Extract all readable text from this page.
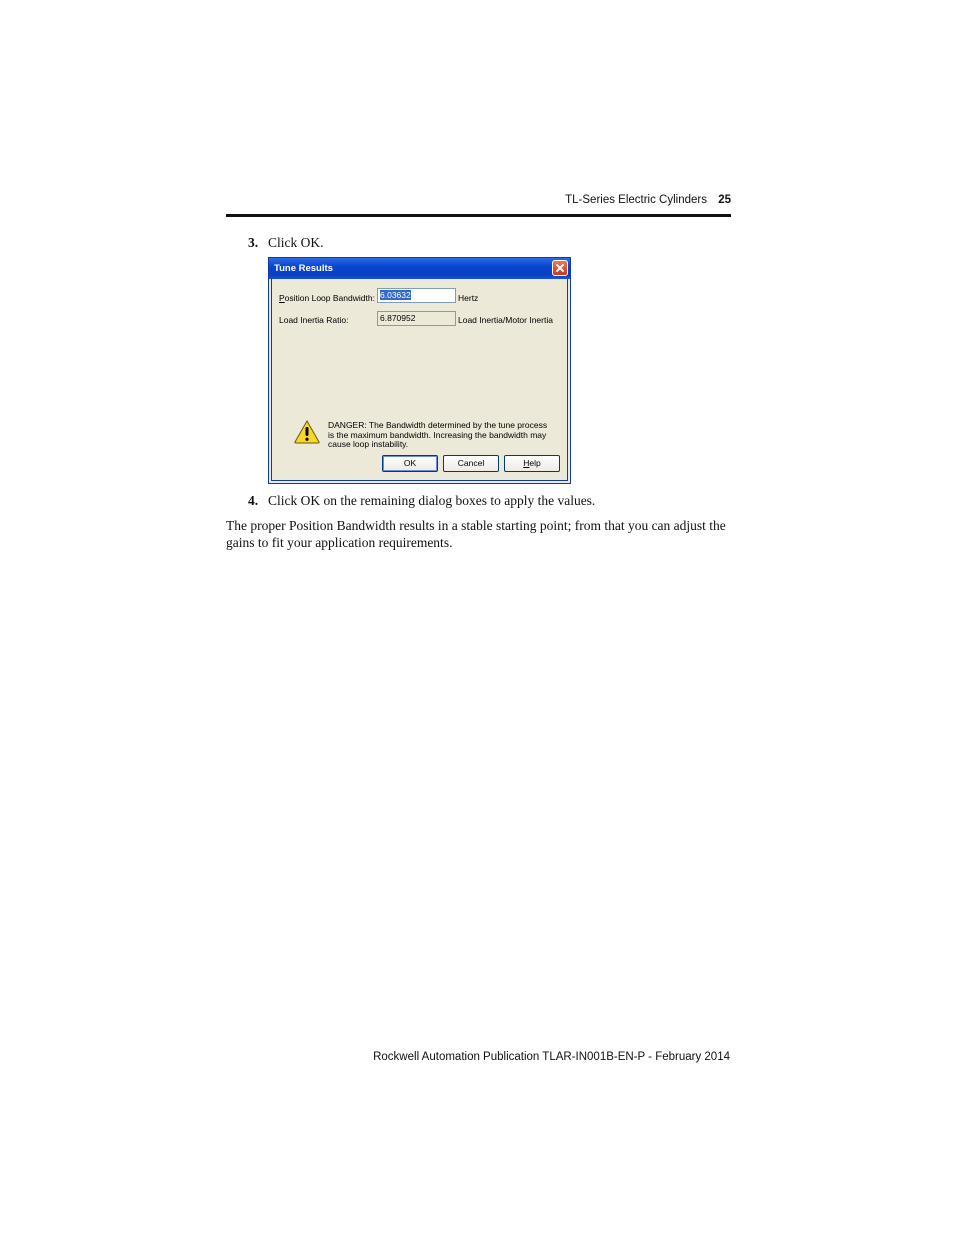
TL-Series Electric Cylinders 25
3. Click OK.
Tune Results
Position Loop Bandwidth: 6.03632	Hertz
Load Inertia Ratio:	6.870952	Load Inertia/Motor Inertia
DANGER: The Bandwidth determined by the tune process is the maximum bandwidth. Increasing the bandwidth may cause loop instability.
OK	Cancel	Help
4. Click OK on the remaining dialog boxes to apply the values.
The proper Position Bandwidth results in a stable starting point; from that you can adjust the gains to fit your application requirements.
Rockwell Automation Publication TLAR-IN001B-EN-P - February 2014
